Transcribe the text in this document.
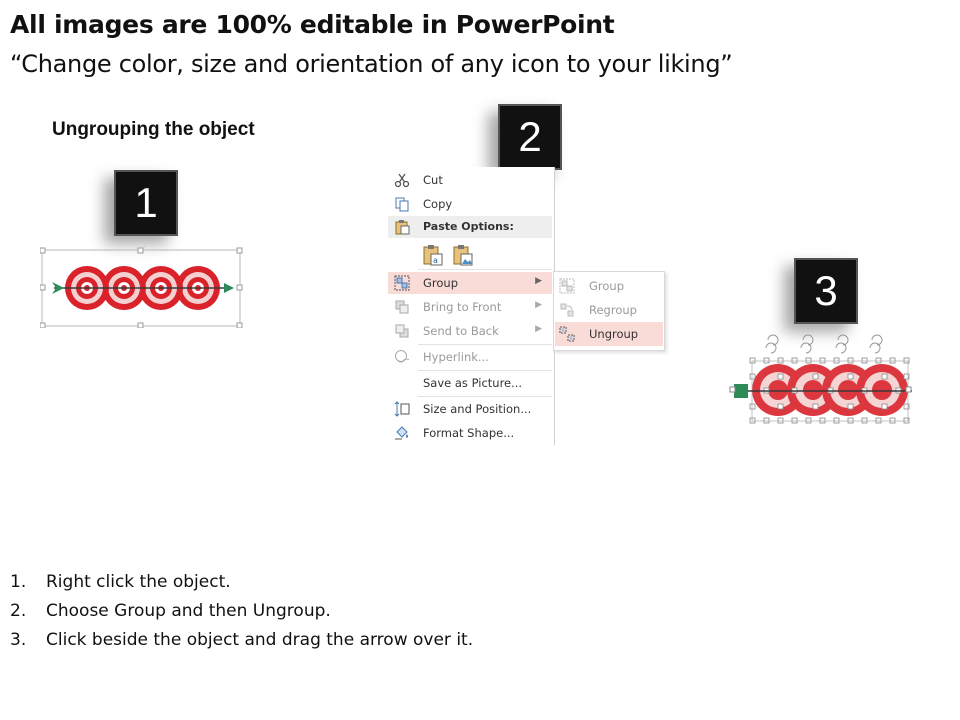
All images are 100% editable in PowerPoint
“Change color, size and orientation of any icon to your liking”
Ungrouping the object
1
2
Cut
Copy
Paste Options:
a
Group	▶
Bring to Front	▶
Send to Back	▶
Hyperlink...
Save as Picture...
Size and Position...
Format Shape...
Group
Regroup
Ungroup
3
1. Right click the object.
2. Choose Group and then Ungroup.
3. Click beside the object and drag the arrow over it.
